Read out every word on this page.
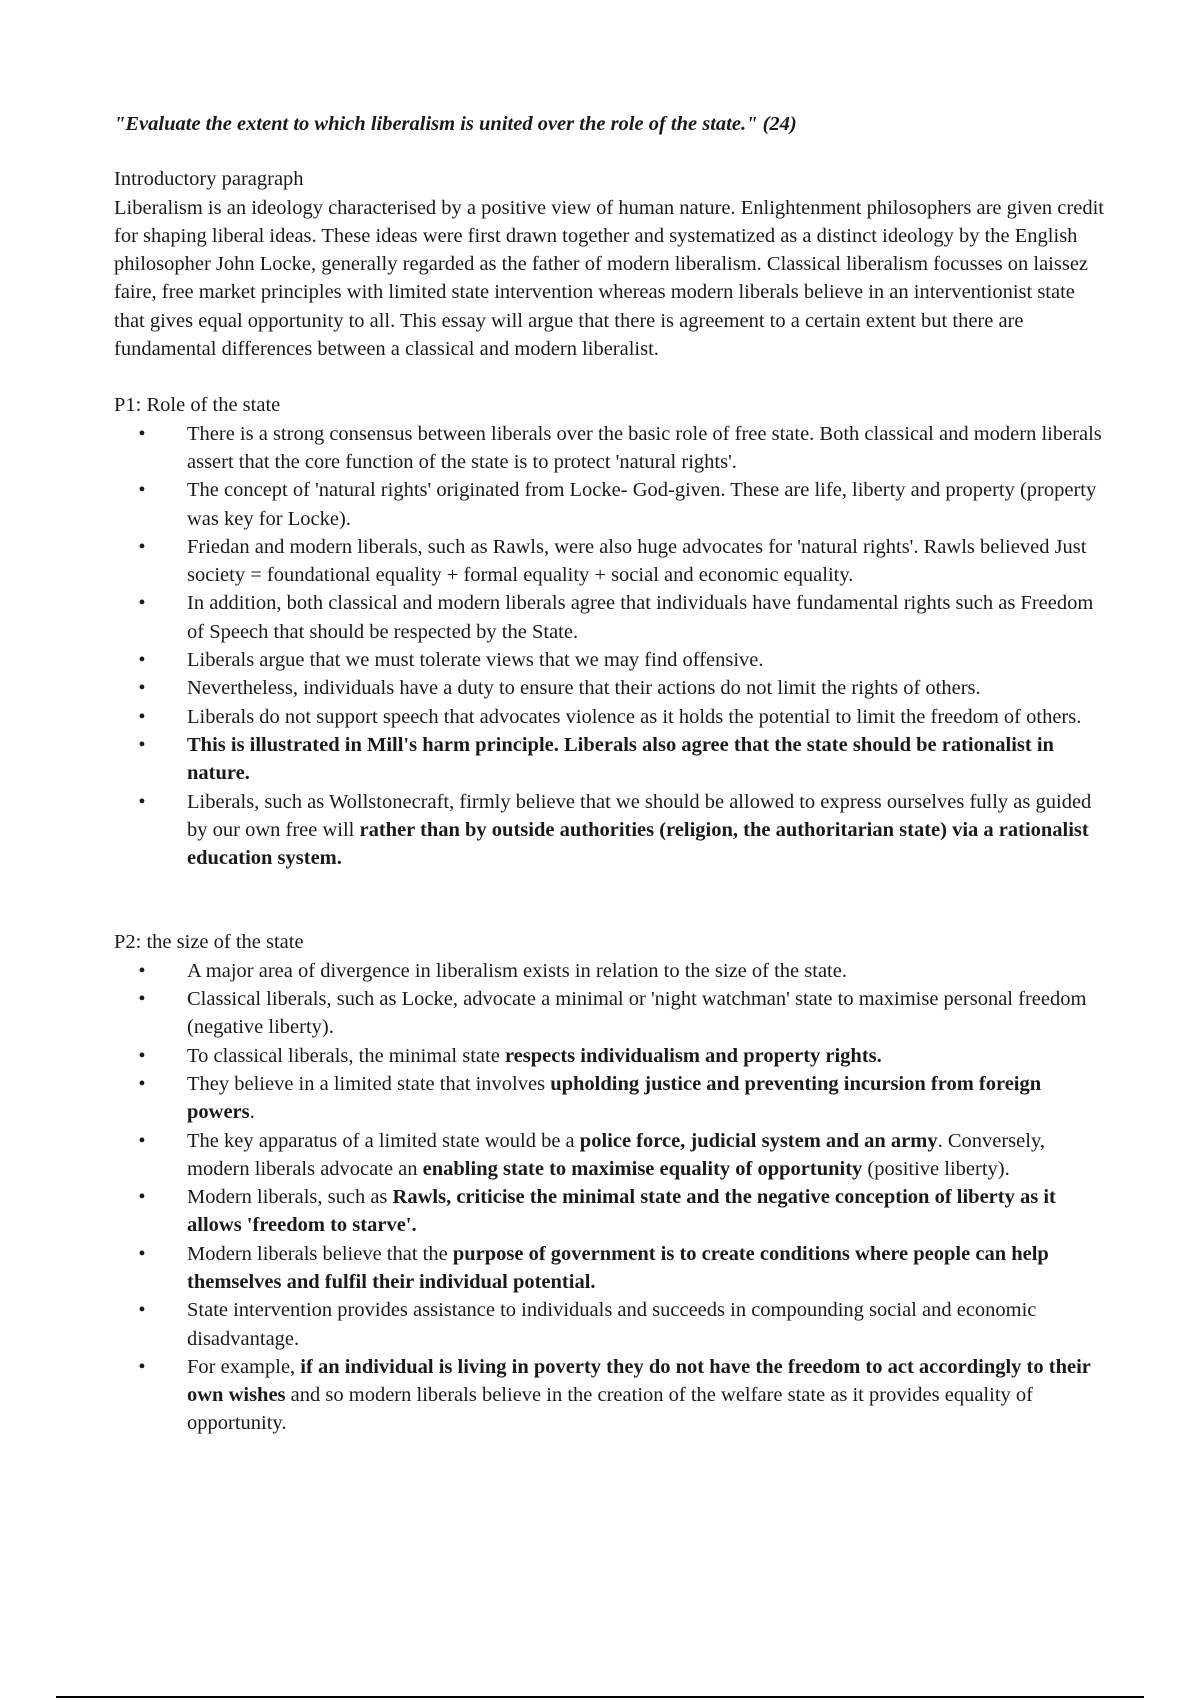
"Evaluate the extent to which liberalism is united over the role of the state." (24)

Introductory paragraph

Liberalism is an ideology characterised by a positive view of human nature. Enlightenment philosophers are given credit for shaping liberal ideas. These ideas were first drawn together and systematized as a distinct ideology by the English philosopher John Locke, generally regarded as the father of modern liberalism. Classical liberalism focusses on laissez faire, free market principles with limited state intervention whereas modern liberals believe in an interventionist state that gives equal opportunity to all. This essay will argue that there is agreement to a certain extent but there are fundamental differences between a classical and modern liberalist.

P1: Role of the state

• There is a strong consensus between liberals over the basic role of free state. Both classical and modern liberals assert that the core function of the state is to protect 'natural rights'.
• The concept of 'natural rights' originated from Locke- God-given. These are life, liberty and property (property was key for Locke).
• Friedan and modern liberals, such as Rawls, were also huge advocates for 'natural rights'. Rawls believed Just society = foundational equality + formal equality + social and economic equality.
• In addition, both classical and modern liberals agree that individuals have fundamental rights such as Freedom of Speech that should be respected by the State.
• Liberals argue that we must tolerate views that we may find offensive.
• Nevertheless, individuals have a duty to ensure that their actions do not limit the rights of others.
• Liberals do not support speech that advocates violence as it holds the potential to limit the freedom of others.
• This is illustrated in Mill's harm principle. Liberals also agree that the state should be rationalist in nature.
• Liberals, such as Wollstonecraft, firmly believe that we should be allowed to express ourselves fully as guided by our own free will rather than by outside authorities (religion, the authoritarian state) via a rationalist education system.

P2: the size of the state

• A major area of divergence in liberalism exists in relation to the size of the state.
• Classical liberals, such as Locke, advocate a minimal or 'night watchman' state to maximise personal freedom (negative liberty).
• To classical liberals, the minimal state respects individualism and property rights.
• They believe in a limited state that involves upholding justice and preventing incursion from foreign powers.
• The key apparatus of a limited state would be a police force, judicial system and an army. Conversely, modern liberals advocate an enabling state to maximise equality of opportunity (positive liberty).
• Modern liberals, such as Rawls, criticise the minimal state and the negative conception of liberty as it allows 'freedom to starve'.
• Modern liberals believe that the purpose of government is to create conditions where people can help themselves and fulfil their individual potential.
• State intervention provides assistance to individuals and succeeds in compounding social and economic disadvantage.
• For example, if an individual is living in poverty they do not have the freedom to act accordingly to their own wishes and so modern liberals believe in the creation of the welfare state as it provides equality of opportunity.
